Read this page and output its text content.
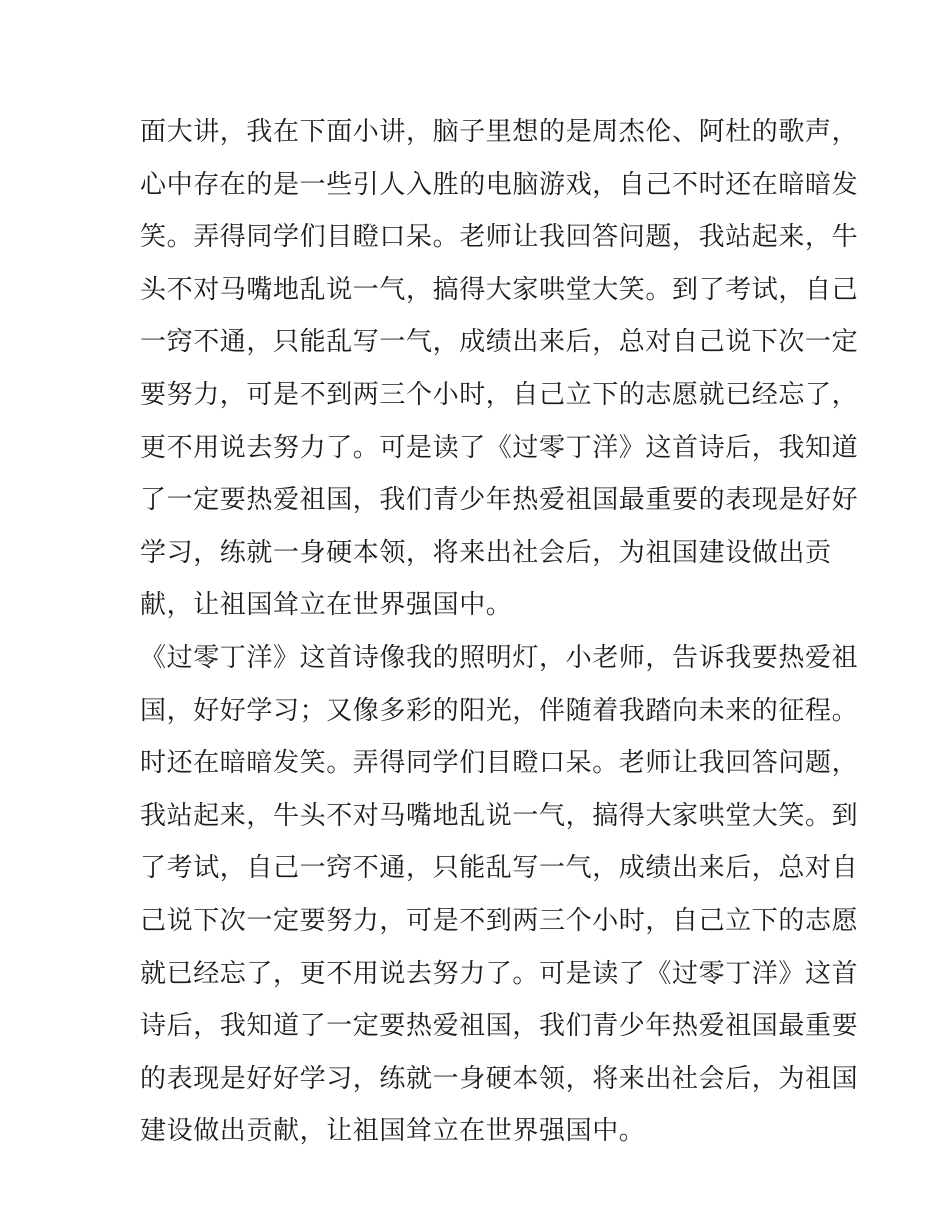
面大讲，我在下面小讲，脑子里想的是周杰伦、阿杜的歌声，
心中存在的是一些引人入胜的电脑游戏，自己不时还在暗暗发
笑。弄得同学们目瞪口呆。老师让我回答问题，我站起来，牛
头不对马嘴地乱说一气，搞得大家哄堂大笑。到了考试，自己
一窍不通，只能乱写一气，成绩出来后，总对自己说下次一定
要努力，可是不到两三个小时，自己立下的志愿就已经忘了，
更不用说去努力了。可是读了《过零丁洋》这首诗后，我知道
了一定要热爱祖国，我们青少年热爱祖国最重要的表现是好好
学习，练就一身硬本领，将来出社会后，为祖国建设做出贡
献，让祖国耸立在世界强国中。
《过零丁洋》这首诗像我的照明灯，小老师，告诉我要热爱祖
国，好好学习；又像多彩的阳光，伴随着我踏向未来的征程。
时还在暗暗发笑。弄得同学们目瞪口呆。老师让我回答问题，
我站起来，牛头不对马嘴地乱说一气，搞得大家哄堂大笑。到
了考试，自己一窍不通，只能乱写一气，成绩出来后，总对自
己说下次一定要努力，可是不到两三个小时，自己立下的志愿
就已经忘了，更不用说去努力了。可是读了《过零丁洋》这首
诗后，我知道了一定要热爱祖国，我们青少年热爱祖国最重要
的表现是好好学习，练就一身硬本领，将来出社会后，为祖国
建设做出贡献，让祖国耸立在世界强国中。
